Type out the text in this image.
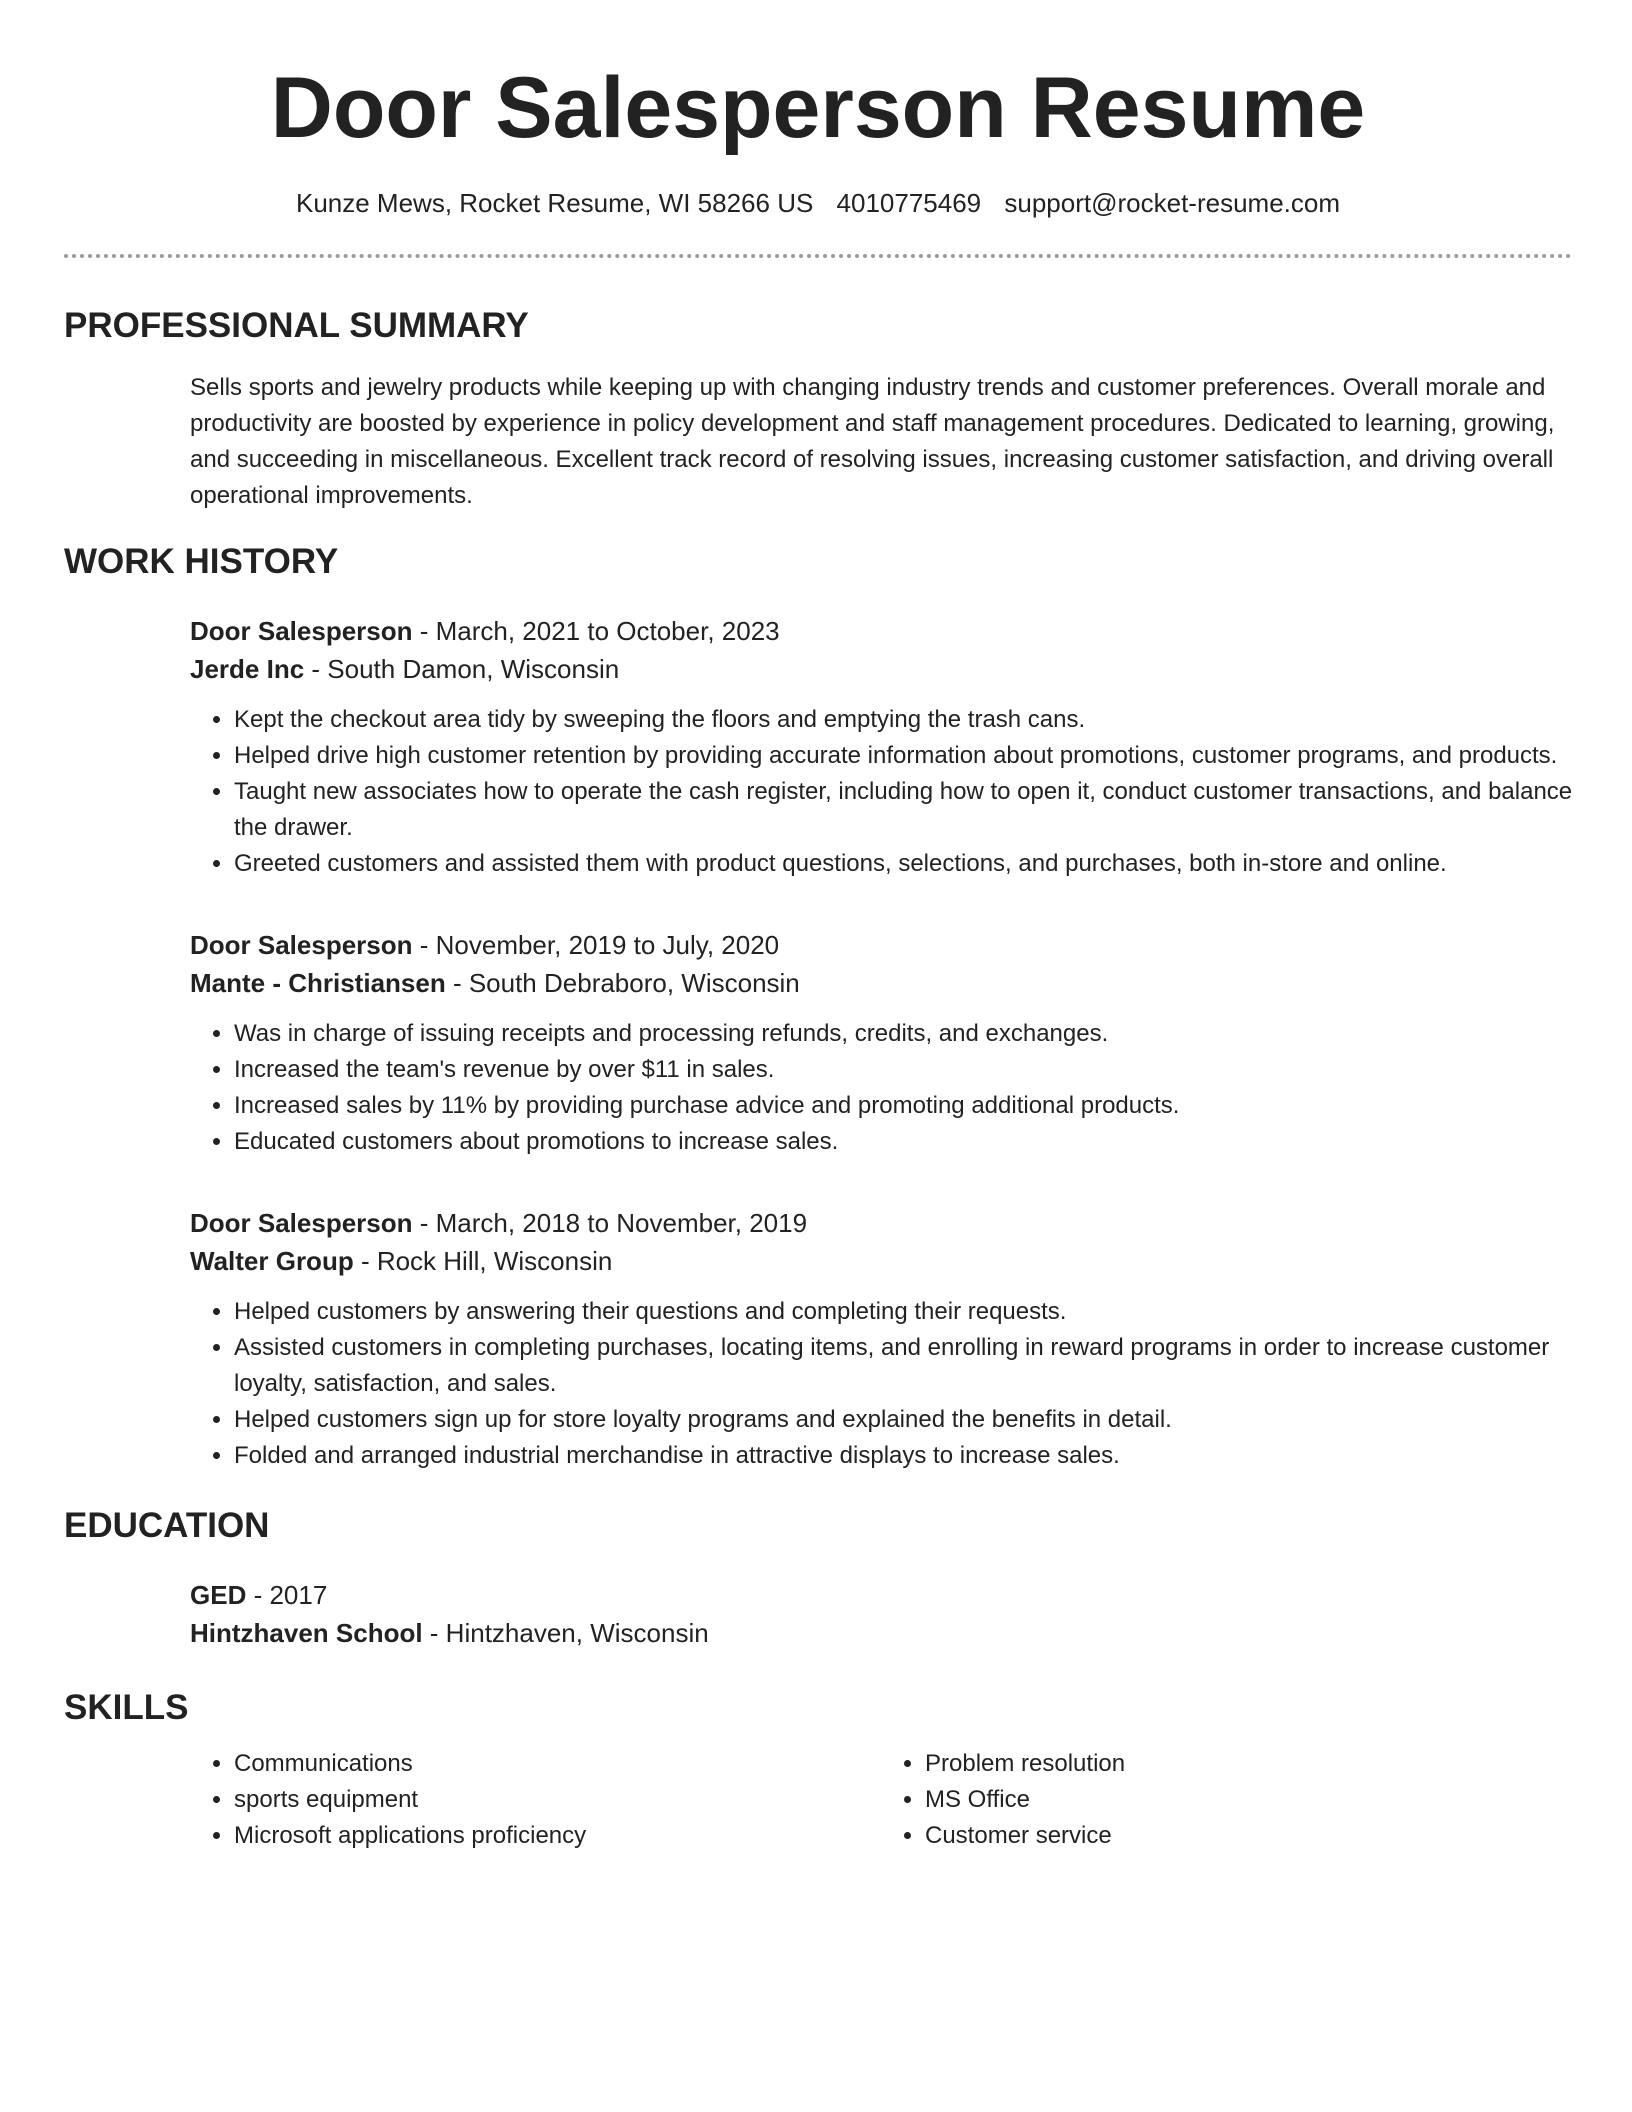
Door Salesperson Resume
Kunze Mews, Rocket Resume, WI 58266 US 4010775469 support@rocket-resume.com
PROFESSIONAL SUMMARY
Sells sports and jewelry products while keeping up with changing industry trends and customer preferences. Overall morale and productivity are boosted by experience in policy development and staff management procedures. Dedicated to learning, growing, and succeeding in miscellaneous. Excellent track record of resolving issues, increasing customer satisfaction, and driving overall operational improvements.
WORK HISTORY
Door Salesperson - March, 2021 to October, 2023
Jerde Inc - South Damon, Wisconsin
• Kept the checkout area tidy by sweeping the floors and emptying the trash cans.
• Helped drive high customer retention by providing accurate information about promotions, customer programs, and products.
• Taught new associates how to operate the cash register, including how to open it, conduct customer transactions, and balance the drawer.
• Greeted customers and assisted them with product questions, selections, and purchases, both in-store and online.
Door Salesperson - November, 2019 to July, 2020
Mante - Christiansen - South Debraboro, Wisconsin
• Was in charge of issuing receipts and processing refunds, credits, and exchanges.
• Increased the team's revenue by over $11 in sales.
• Increased sales by 11% by providing purchase advice and promoting additional products.
• Educated customers about promotions to increase sales.
Door Salesperson - March, 2018 to November, 2019
Walter Group - Rock Hill, Wisconsin
• Helped customers by answering their questions and completing their requests.
• Assisted customers in completing purchases, locating items, and enrolling in reward programs in order to increase customer loyalty, satisfaction, and sales.
• Helped customers sign up for store loyalty programs and explained the benefits in detail.
• Folded and arranged industrial merchandise in attractive displays to increase sales.
EDUCATION
GED - 2017
Hintzhaven School - Hintzhaven, Wisconsin
SKILLS
• Communications
• sports equipment
• Microsoft applications proficiency
• Problem resolution
• MS Office
• Customer service
